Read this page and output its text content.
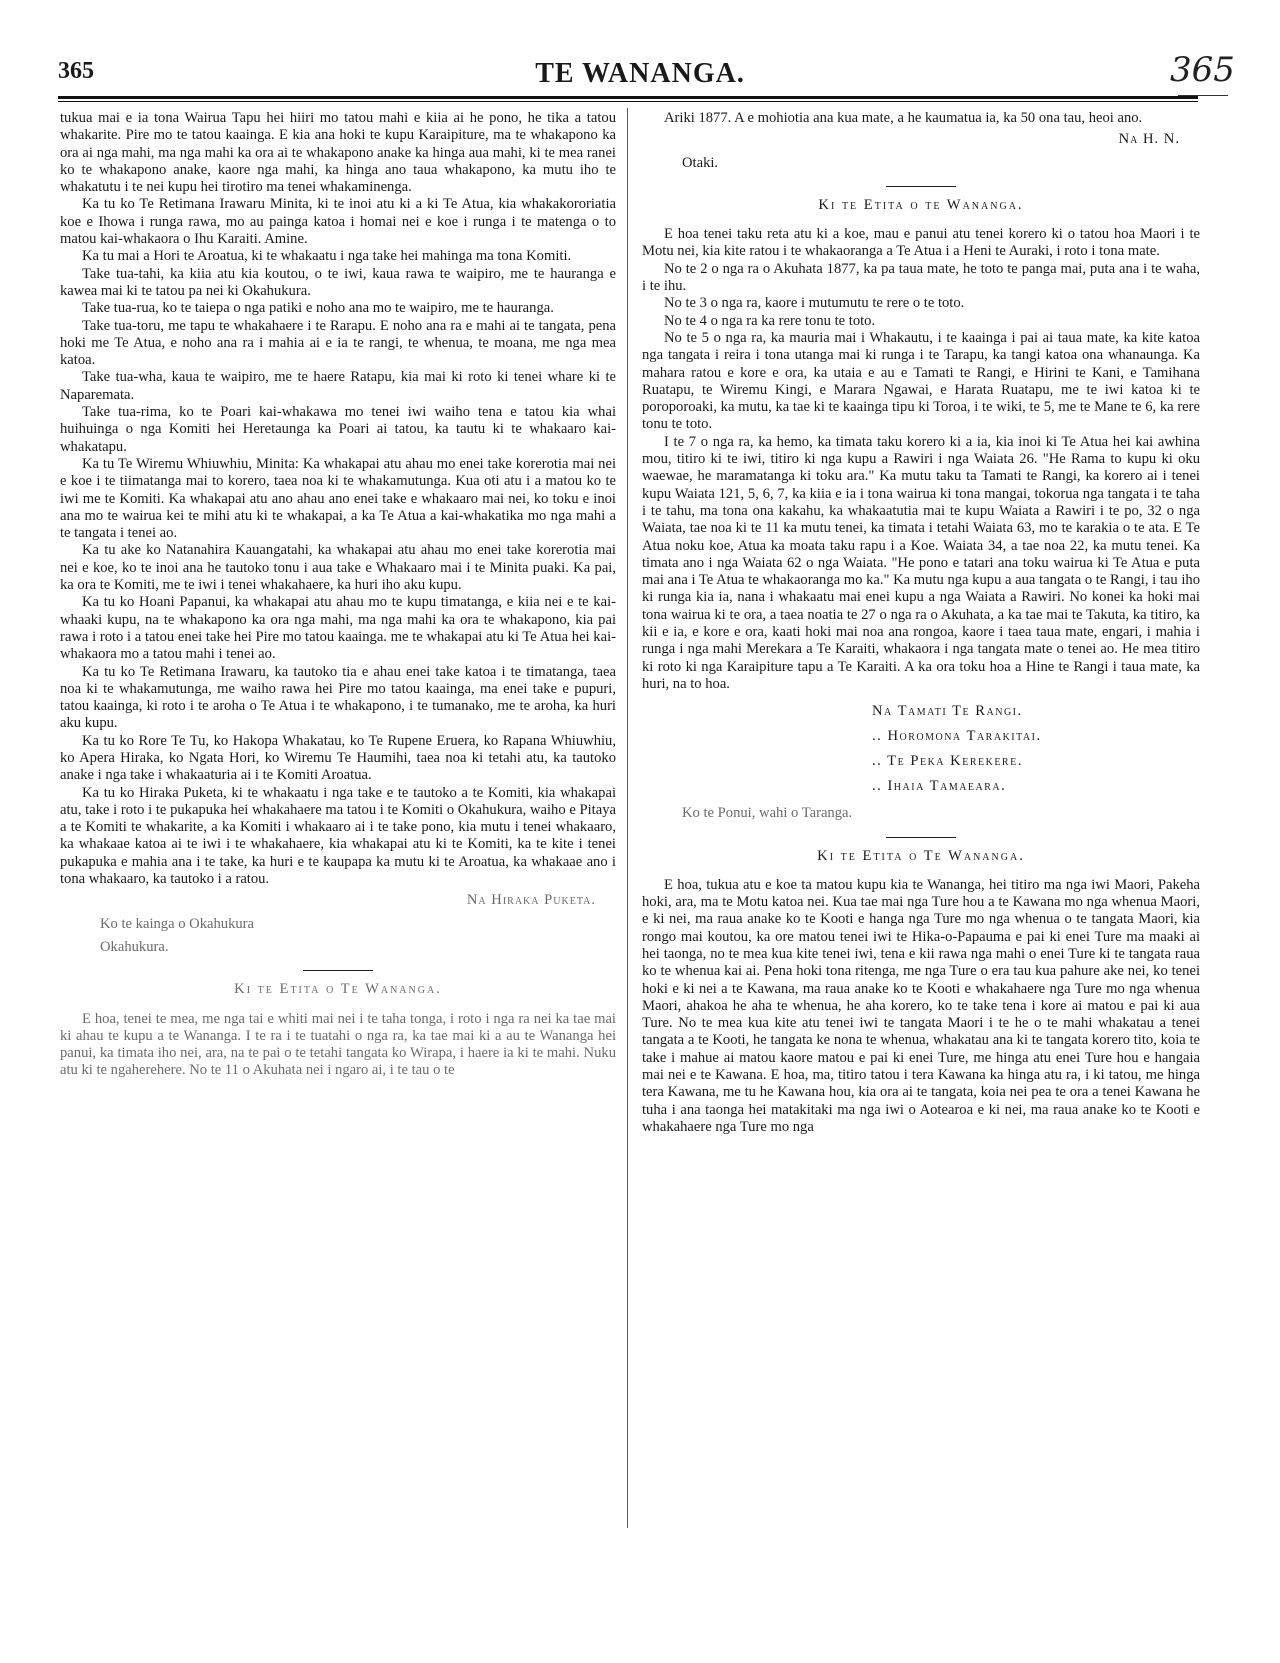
365	TE WANANGA.	365

tukua mai e ia tona Wairua Tapu hei hiiri mo tatou mahi e kiia ai he pono, he tika a tatou whakarite. Pire mo te tatou kaainga. E kia ana hoki te kupu Karaipiture, ma te whakapono ka ora ai nga mahi, ma nga mahi ka ora ai te whakapono anake ka hinga aua mahi, ki te mea ranei ko te whakapono anake, kaore nga mahi, ka hinga ano taua whakapono, ka mutu iho te whakatutu i te nei kupu hei tirotiro ma tenei whakaminenga.

Ka tu ko Te Retimana Irawaru Minita, ki te inoi atu ki a ki Te Atua, kia whakakororiatia koe e Ihowa i runga rawa, mo au painga katoa i homai nei e koe i runga i te matenga o to matou kai-whakaora o Ihu Karaiti. Amine.

Ka tu mai a Hori te Aroatua, ki te whakaatu i nga take hei mahinga ma tona Komiti.

Take tua-tahi, ka kiia atu kia koutou, o te iwi, kaua rawa te waipiro, me te hauranga e kawea mai ki te tatou pa nei ki Okahukura.

Take tua-rua, ko te taiepa o nga patiki e noho ana mo te waipiro, me te hauranga.

Take tua-toru, me tapu te whakahaere i te Rarapu. E noho ana ra e mahi ai te tangata, pena hoki me Te Atua, e noho ana ra i mahia ai e ia te rangi, te whenua, te moana, me nga mea katoa.

Take tua-wha, kaua te waipiro, me te haere Ratapu, kia mai ki roto ki tenei whare ki te Naparemata.

Take tua-rima, ko te Poari kai-whakawa mo tenei iwi waiho tena e tatou kia whai huihuinga o nga Komiti hei Heretaunga ka Poari ai tatou, ka tautu ki te whakaaro kai-whakatapu.

Ka tu Te Wiremu Whiuwhiu, Minita: Ka whakapai atu ahau mo enei take korerotia mai nei e koe i te tiimatanga mai to korero, taea noa ki te whakamutunga. Kua oti atu i a matou ko te iwi me te Komiti. Ka whakapai atu ano ahau ano enei take e whakaaro mai nei, ko toku e inoi ana mo te wairua kei te mihi atu ki te whakapai, a ka Te Atua a kai-whakatika mo nga mahi a te tangata i tenei ao.

Ka tu ake ko Natanahira Kauangatahi, ka whakapai atu ahau mo enei take korerotia mai nei e koe, ko te inoi ana he tautoko tonu i aua take e Whakaaro mai i te Minita puaki. Ka pai, ka ora te Komiti, me te iwi i tenei whakahaere, ka huri iho aku kupu.

Ka tu ko Hoani Papanui, ka whakapai atu ahau mo te kupu timatanga, e kiia nei e te kai-whaaki kupu, na te whakapono ka ora nga mahi, ma nga mahi ka ora te whakapono, kia pai rawa i roto i a tatou enei take hei Pire mo tatou kaainga. me te whakapai atu ki Te Atua hei kai-whakaora mo a tatou mahi i tenei ao.

Ka tu ko Te Retimana Irawaru, ka tautoko tia e ahau enei take katoa i te timatanga, taea noa ki te whakamutunga, me waiho rawa hei Pire mo tatou kaainga, ma enei take e pupuri, tatou kaainga, ki roto i te aroha o Te Atua i te whakapono, i te tumanako, me te aroha, ka huri aku kupu.

Ka tu ko Rore Te Tu, ko Hakopa Whakatau, ko Te Rupene Eruera, ko Rapana Whiuwhiu, ko Apera Hiraka, ko Ngata Hori, ko Wiremu Te Haumihi, taea noa ki tetahi atu, ka tautoko anake i nga take i whakaaturia ai i te Komiti Aroatua.

Ka tu ko Hiraka Puketa, ki te whakaatu i nga take e te tautoko a te Komiti, kia whakapai atu, take i roto i te pukapuka hei whakahaere ma tatou i te Komiti o Okahukura, waiho e Pitaya a te Komiti te whakarite, a ka Komiti i whakaaro ai i te take pono, kia mutu i tenei whakaaro, ka whakaae katoa ai te iwi i te whakahaere, kia whakapai atu ki te Komiti, ka te kite i tenei pukapuka e mahia ana i te take, ka huri e te kaupapa ka mutu ki te Aroatua, ka whakaae ano i tona whakaaro, ka tautoko i a ratou.

Na Hiraka Puketa.
Ko te kainga o Okahukura
Okahukura.
Ki te Etita o Te Wananga.

E hoa, tenei te mea, me nga tai e whiti mai nei i te taha tonga, i roto i nga ra nei ka tae mai ki ahau te kupu a te Wananga. I te ra i te tuatahi o nga ra, ka tae mai ki a au te Wananga hei panui, ka timata iho nei, ara, na te pai o te tetahi tangata ko Wirapa, i haere ia ki te mahi. Nuku atu ki te ngaherehere. No te 11 o Akuhata nei i ngaro ai, i te tau o te

Ariki 1877. A e mohiotia ana kua mate, a he kaumatua ia, ka 50 ona tau, heoi ano.

Na H. N.
Otaki.
Ki te Etita o te Wananga.

E hoa tenei taku reta atu ki a koe, mau e panui atu tenei korero ki o tatou hoa Maori i te Motu nei, kia kite ratou i te whakaoranga a Te Atua i a Heni te Auraki, i roto i tona mate.

No te 2 o nga ra o Akuhata 1877, ka pa taua mate, he toto te panga mai, puta ana i te waha, i te ihu.

No te 3 o nga ra, kaore i mutumutu te rere o te toto.

No te 4 o nga ra ka rere tonu te toto.

No te 5 o nga ra, ka mauria mai i Whakautu, i te kaainga i pai ai taua mate, ka kite katoa nga tangata i reira i tona utanga mai ki runga i te Tarapu, ka tangi katoa ona whanaunga. Ka mahara ratou e kore e ora, ka utaia e au e Tamati te Rangi, e Hirini te Kani, e Tamihana Ruatapu, te Wiremu Kingi, e Marara Ngawai, e Harata Ruatapu, me te iwi katoa ki te poroporoaki, ka mutu, ka tae ki te kaainga tipu ki Toroa, i te wiki, te 5, me te Mane te 6, ka rere tonu te toto.

I te 7 o nga ra, ka hemo, ka timata taku korero ki a ia, kia inoi ki Te Atua hei kai awhina mou, titiro ki te iwi, titiro ki nga kupu a Rawiri i nga Waiata 26. "He Rama to kupu ki oku waewae, he maramatanga ki toku ara." Ka mutu taku ta Tamati te Rangi, ka korero ai i tenei kupu Waiata 121, 5, 6, 7, ka kiia e ia i tona wairua ki tona mangai, tokorua nga tangata i te taha i te tahu, ma tona ona kakahu, ka whakaatutia mai te kupu Waiata a Rawiri i te po, 32 o nga Waiata, tae noa ki te 11 ka mutu tenei, ka timata i tetahi Waiata 63, mo te karakia o te ata. E Te Atua noku koe, Atua ka moata taku rapu i a Koe. Waiata 34, a tae noa 22, ka mutu tenei. Ka timata ano i nga Waiata 62 o nga Waiata. "He pono e tatari ana toku wairua ki Te Atua e puta mai ana i Te Atua te whakaoranga mo ka." Ka mutu nga kupu a aua tangata o te Rangi, i tau iho ki runga kia ia, nana i whakaatu mai enei kupu a nga Waiata a Rawiri. No konei ka hoki mai tona wairua ki te ora, a taea noatia te 27 o nga ra o Akuhata, a ka tae mai te Takuta, ka titiro, ka kii e ia, e kore e ora, kaati hoki mai noa ana rongoa, kaore i taea taua mate, engari, i mahia i runga i nga mahi Merekara a Te Karaiti, whakaora i nga tangata mate o tenei ao. He mea titiro ki roto ki nga Karaipiture tapu a Te Karaiti. A ka ora toku hoa a Hine te Rangi i taua mate, ka huri, na to hoa.

Na Tamati Te Rangi.
.. Horomona Tarakitai.
.. Te Peka Kerekere.
.. Ihaia Tamaeara.
Ko te Ponui, wahi o Taranga.
Ki te Etita o Te Wananga.

E hoa, tukua atu e koe ta matou kupu kia te Wananga, hei titiro ma nga iwi Maori, Pakeha hoki, ara, ma te Motu katoa nei. Kua tae mai nga Ture hou a te Kawana mo nga whenua Maori, e ki nei, ma raua anake ko te Kooti e hanga nga Ture mo nga whenua o te tangata Maori, kia rongo mai koutou, ka ore matou tenei iwi te Hika-o-Papauma e pai ki enei Ture ma maaki ai hei taonga, no te mea kua kite tenei iwi, tena e kii rawa nga mahi o enei Ture ki te tangata raua ko te whenua kai ai. Pena hoki tona ritenga, me nga Ture o era tau kua pahure ake nei, ko tenei hoki e ki nei a te Kawana, ma raua anake ko te Kooti e whakahaere nga Ture mo nga whenua Maori, ahakoa he aha te whenua, he aha korero, ko te take tena i kore ai matou e pai ki aua Ture. No te mea kua kite atu tenei iwi te tangata Maori i te he o te mahi whakatau a tenei tangata a te Kooti, he tangata ke nona te whenua, whakatau ana ki te tangata korero tito, koia te take i mahue ai matou kaore matou e pai ki enei Ture, me hinga atu enei Ture hou e hangaia mai nei e te Kawana. E hoa, ma, titiro tatou i tera Kawana ka hinga atu ra, i ki tatou, me hinga tera Kawana, me tu he Kawana hou, kia ora ai te tangata, koia nei pea te ora a tenei Kawana he tuha i ana taonga hei matakitaki ma nga iwi o Aotearoa e ki nei, ma raua anake ko te Kooti e whakahaere nga Ture mo nga
